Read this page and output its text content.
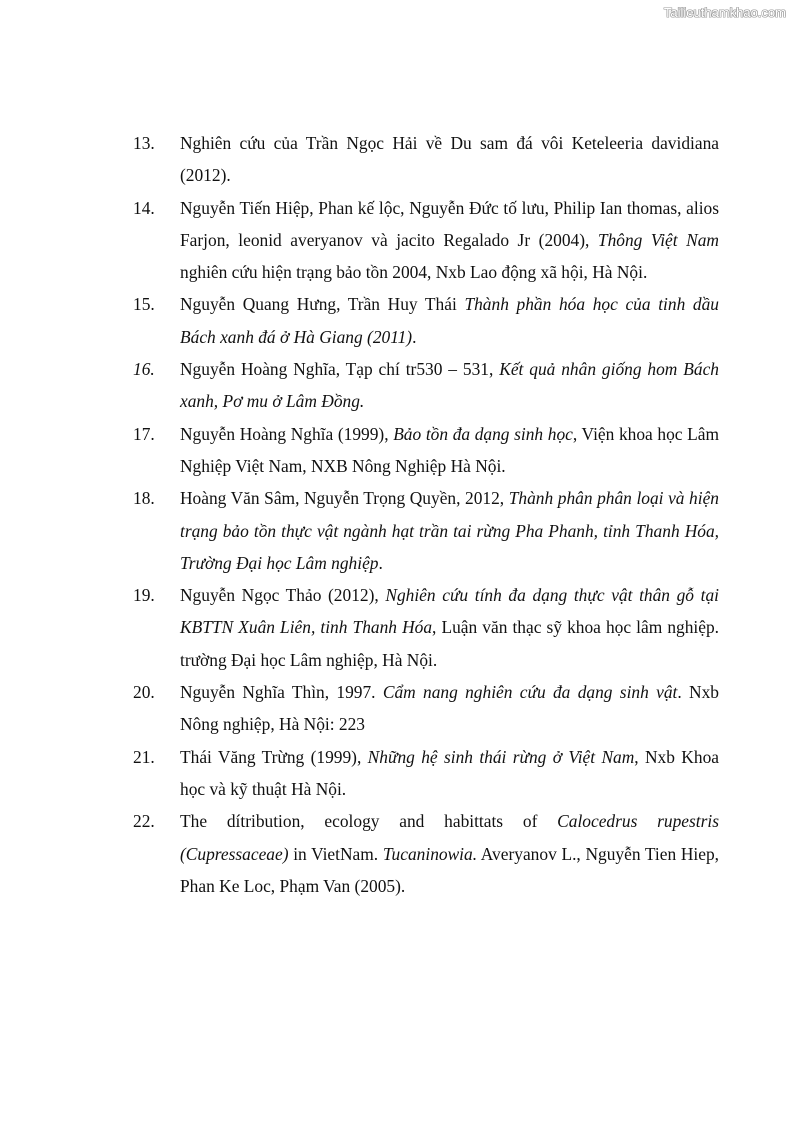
Tailieuthamkhao.com
13.	Nghiên cứu của Trần Ngọc Hải về Du sam đá vôi Keteleeria davidiana (2012).
14.	Nguyễn Tiến Hiệp, Phan kế lộc, Nguyễn Đức tố lưu, Philip Ian thomas, alios Farjon, leonid averyanov và jacito Regalado Jr (2004), Thông Việt Nam nghiên cứu hiện trạng bảo tồn 2004, Nxb Lao động xã hội, Hà Nội.
15.	Nguyễn Quang Hưng, Trần Huy Thái Thành phần hóa học của tinh dầu Bách xanh đá ở Hà Giang (2011).
16.	Nguyễn Hoàng Nghĩa, Tạp chí tr530 – 531, Kết quả nhân giống hom Bách xanh, Pơ mu ở Lâm Đồng.
17.	Nguyễn Hoàng Nghĩa (1999), Bảo tồn đa dạng sinh học, Viện khoa học Lâm Nghiệp Việt Nam, NXB Nông Nghiệp Hà Nội.
18.	Hoàng Văn Sâm, Nguyễn Trọng Quyền, 2012, Thành phân phân loại và hiện trạng bảo tồn thực vật ngành hạt trần tai rừng Pha Phanh, tỉnh Thanh Hóa, Trường Đại học Lâm nghiệp.
19.	Nguyễn Ngọc Thảo (2012), Nghiên cứu tính đa dạng thực vật thân gỗ tại KBTTN Xuân Liên, tinh Thanh Hóa, Luận văn thạc sỹ khoa học lâm nghiệp. trường Đại học Lâm nghiệp, Hà Nội.
20.	Nguyễn Nghĩa Thìn, 1997. Cẩm nang nghiên cứu đa dạng sinh vật. Nxb Nông nghiệp, Hà Nội: 223
21.	Thái Văng Trừng (1999), Những hệ sinh thái rừng ở Việt Nam, Nxb Khoa học và kỹ thuật Hà Nội.
22.	The dítribution, ecology and habittats of Calocedrus rupestris (Cupressaceae) in VietNam. Tucaninowia. Averyanov L., Nguyễn Tien Hiep, Phan Ke Loc, Phạm Van (2005).
